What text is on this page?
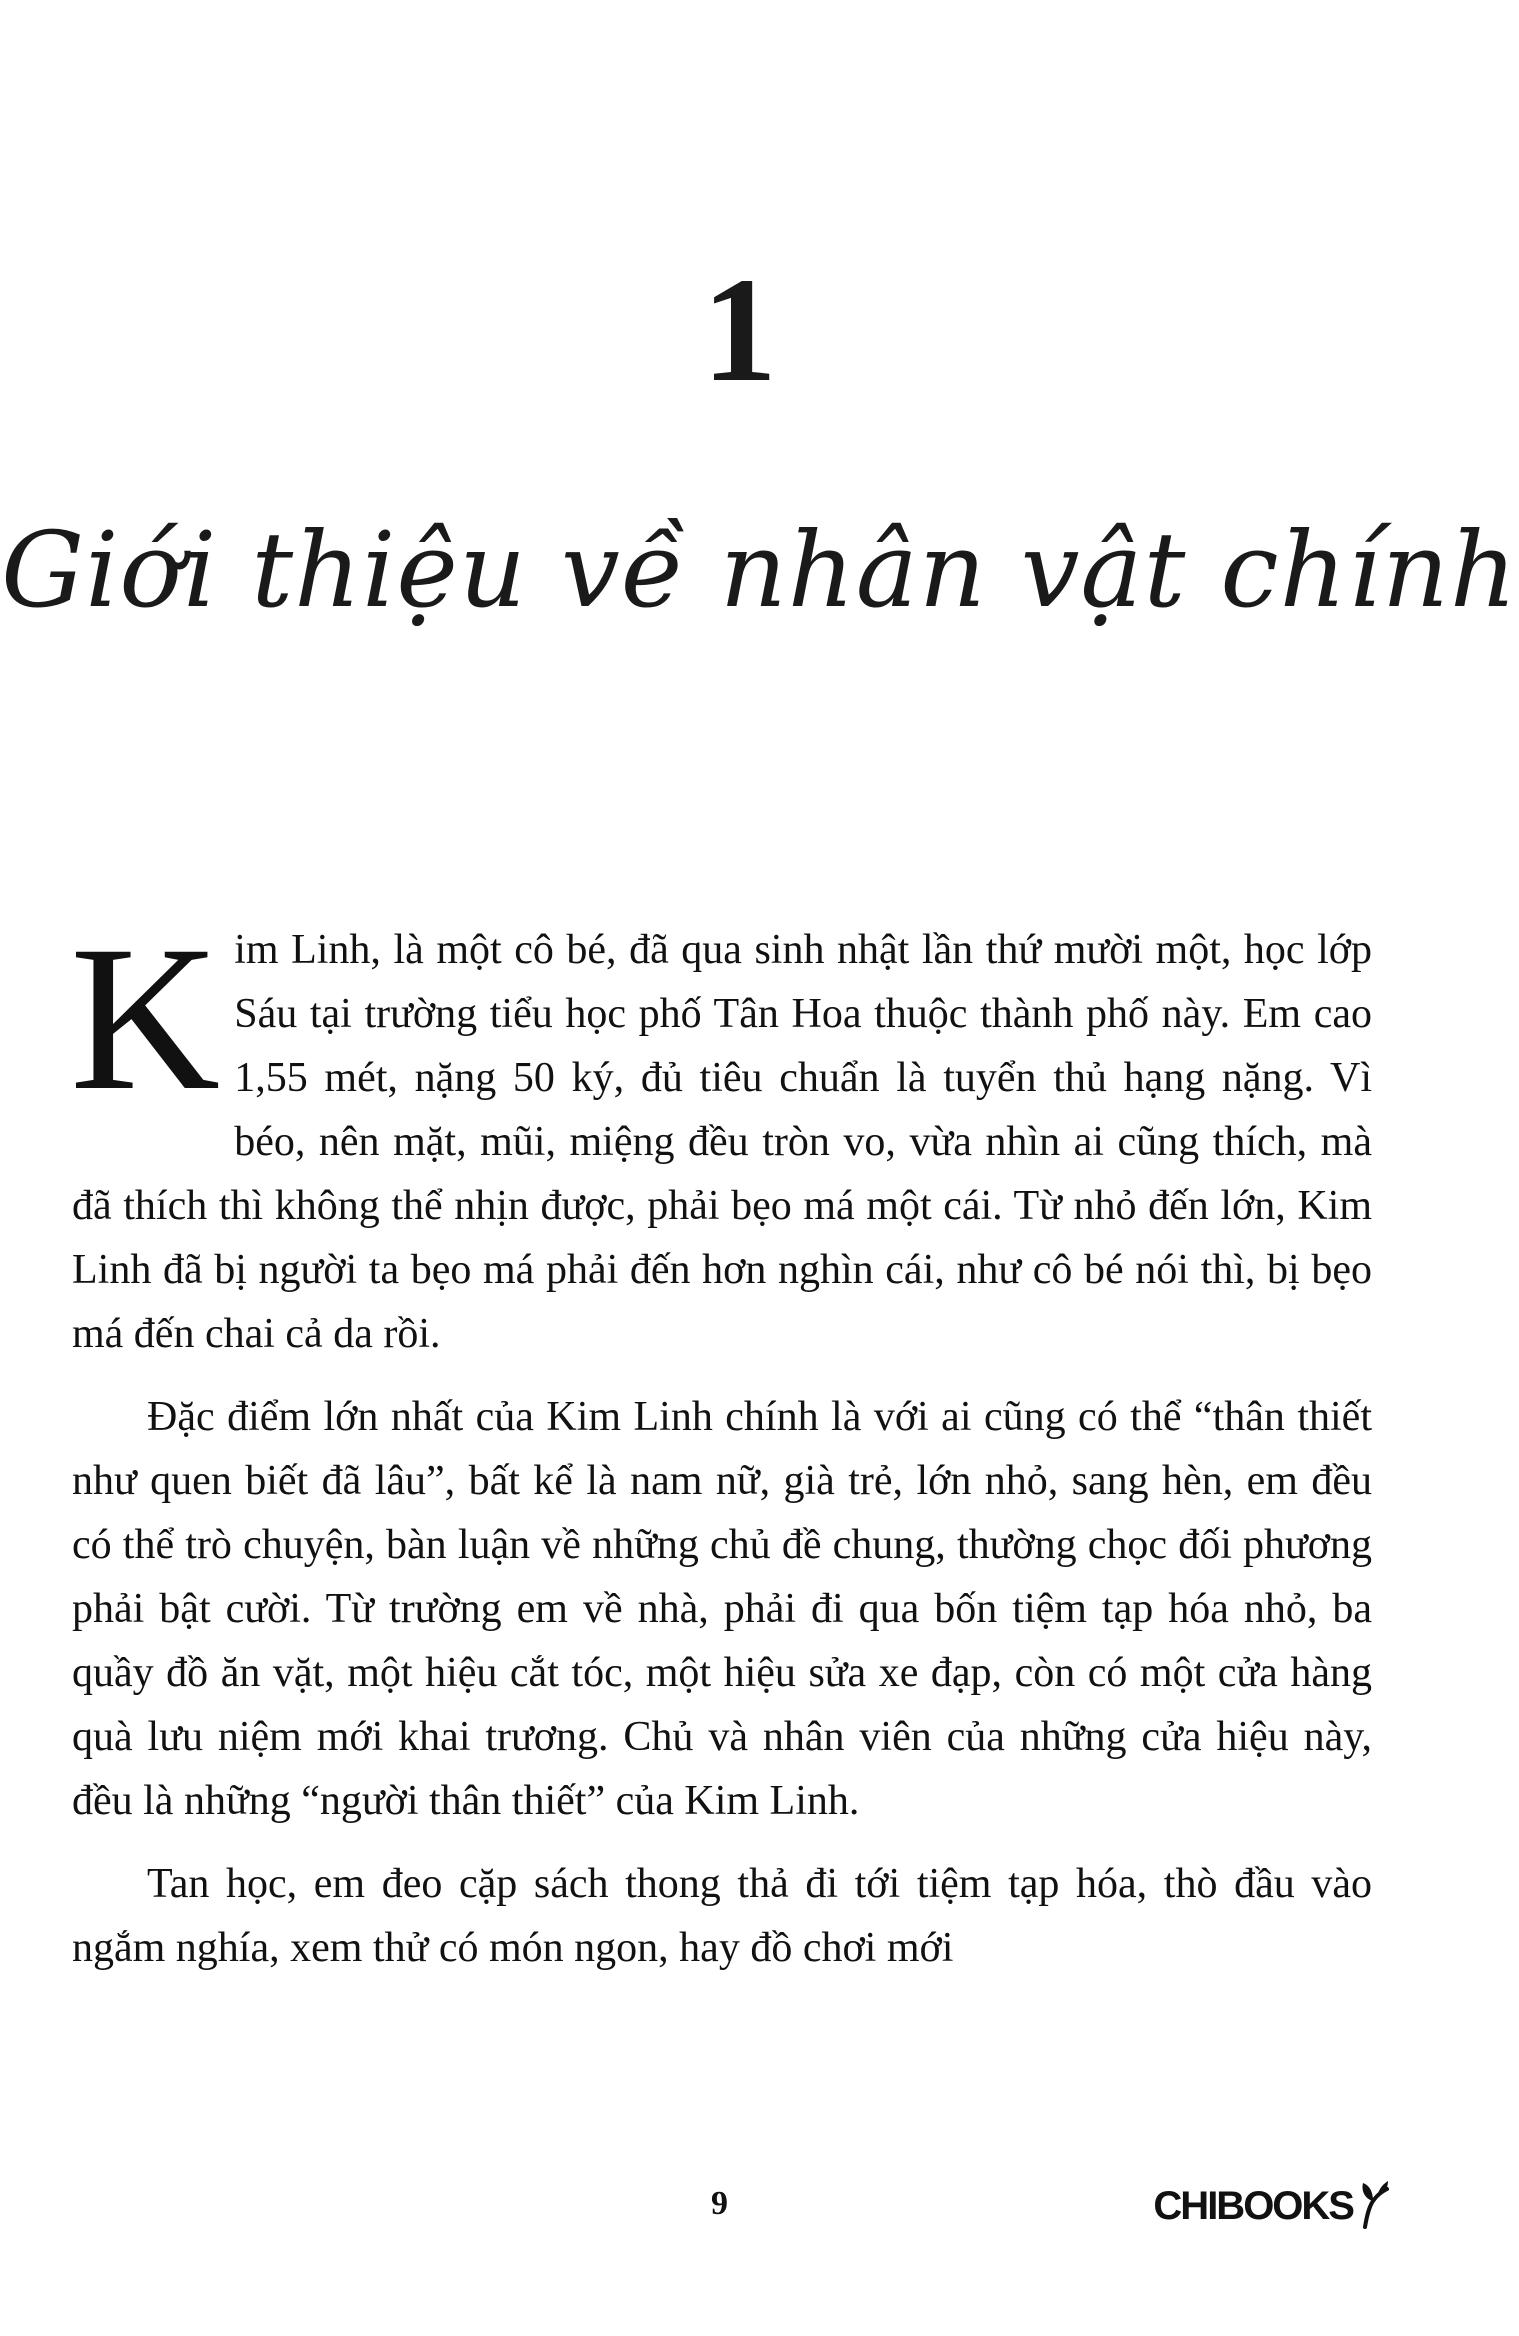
1
Giới thiệu về nhân vật chính

Kim Linh, là một cô bé, đã qua sinh nhật lần thứ mười một, học lớp Sáu tại trường tiểu học phố Tân Hoa thuộc thành phố này. Em cao 1,55 mét, nặng 50 ký, đủ tiêu chuẩn là tuyển thủ hạng nặng. Vì béo, nên mặt, mũi, miệng đều tròn vo, vừa nhìn ai cũng thích, mà đã thích thì không thể nhịn được, phải bẹo má một cái. Từ nhỏ đến lớn, Kim Linh đã bị người ta bẹo má phải đến hơn nghìn cái, như cô bé nói thì, bị bẹo má đến chai cả da rồi.

Đặc điểm lớn nhất của Kim Linh chính là với ai cũng có thể “thân thiết như quen biết đã lâu”, bất kể là nam nữ, già trẻ, lớn nhỏ, sang hèn, em đều có thể trò chuyện, bàn luận về những chủ đề chung, thường chọc đối phương phải bật cười. Từ trường em về nhà, phải đi qua bốn tiệm tạp hóa nhỏ, ba quầy đồ ăn vặt, một hiệu cắt tóc, một hiệu sửa xe đạp, còn có một cửa hàng quà lưu niệm mới khai trương. Chủ và nhân viên của những cửa hiệu này, đều là những “người thân thiết” của Kim Linh.

Tan học, em đeo cặp sách thong thả đi tới tiệm tạp hóa, thò đầu vào ngắm nghía, xem thử có món ngon, hay đồ chơi mới

9	CHIBOOKS
